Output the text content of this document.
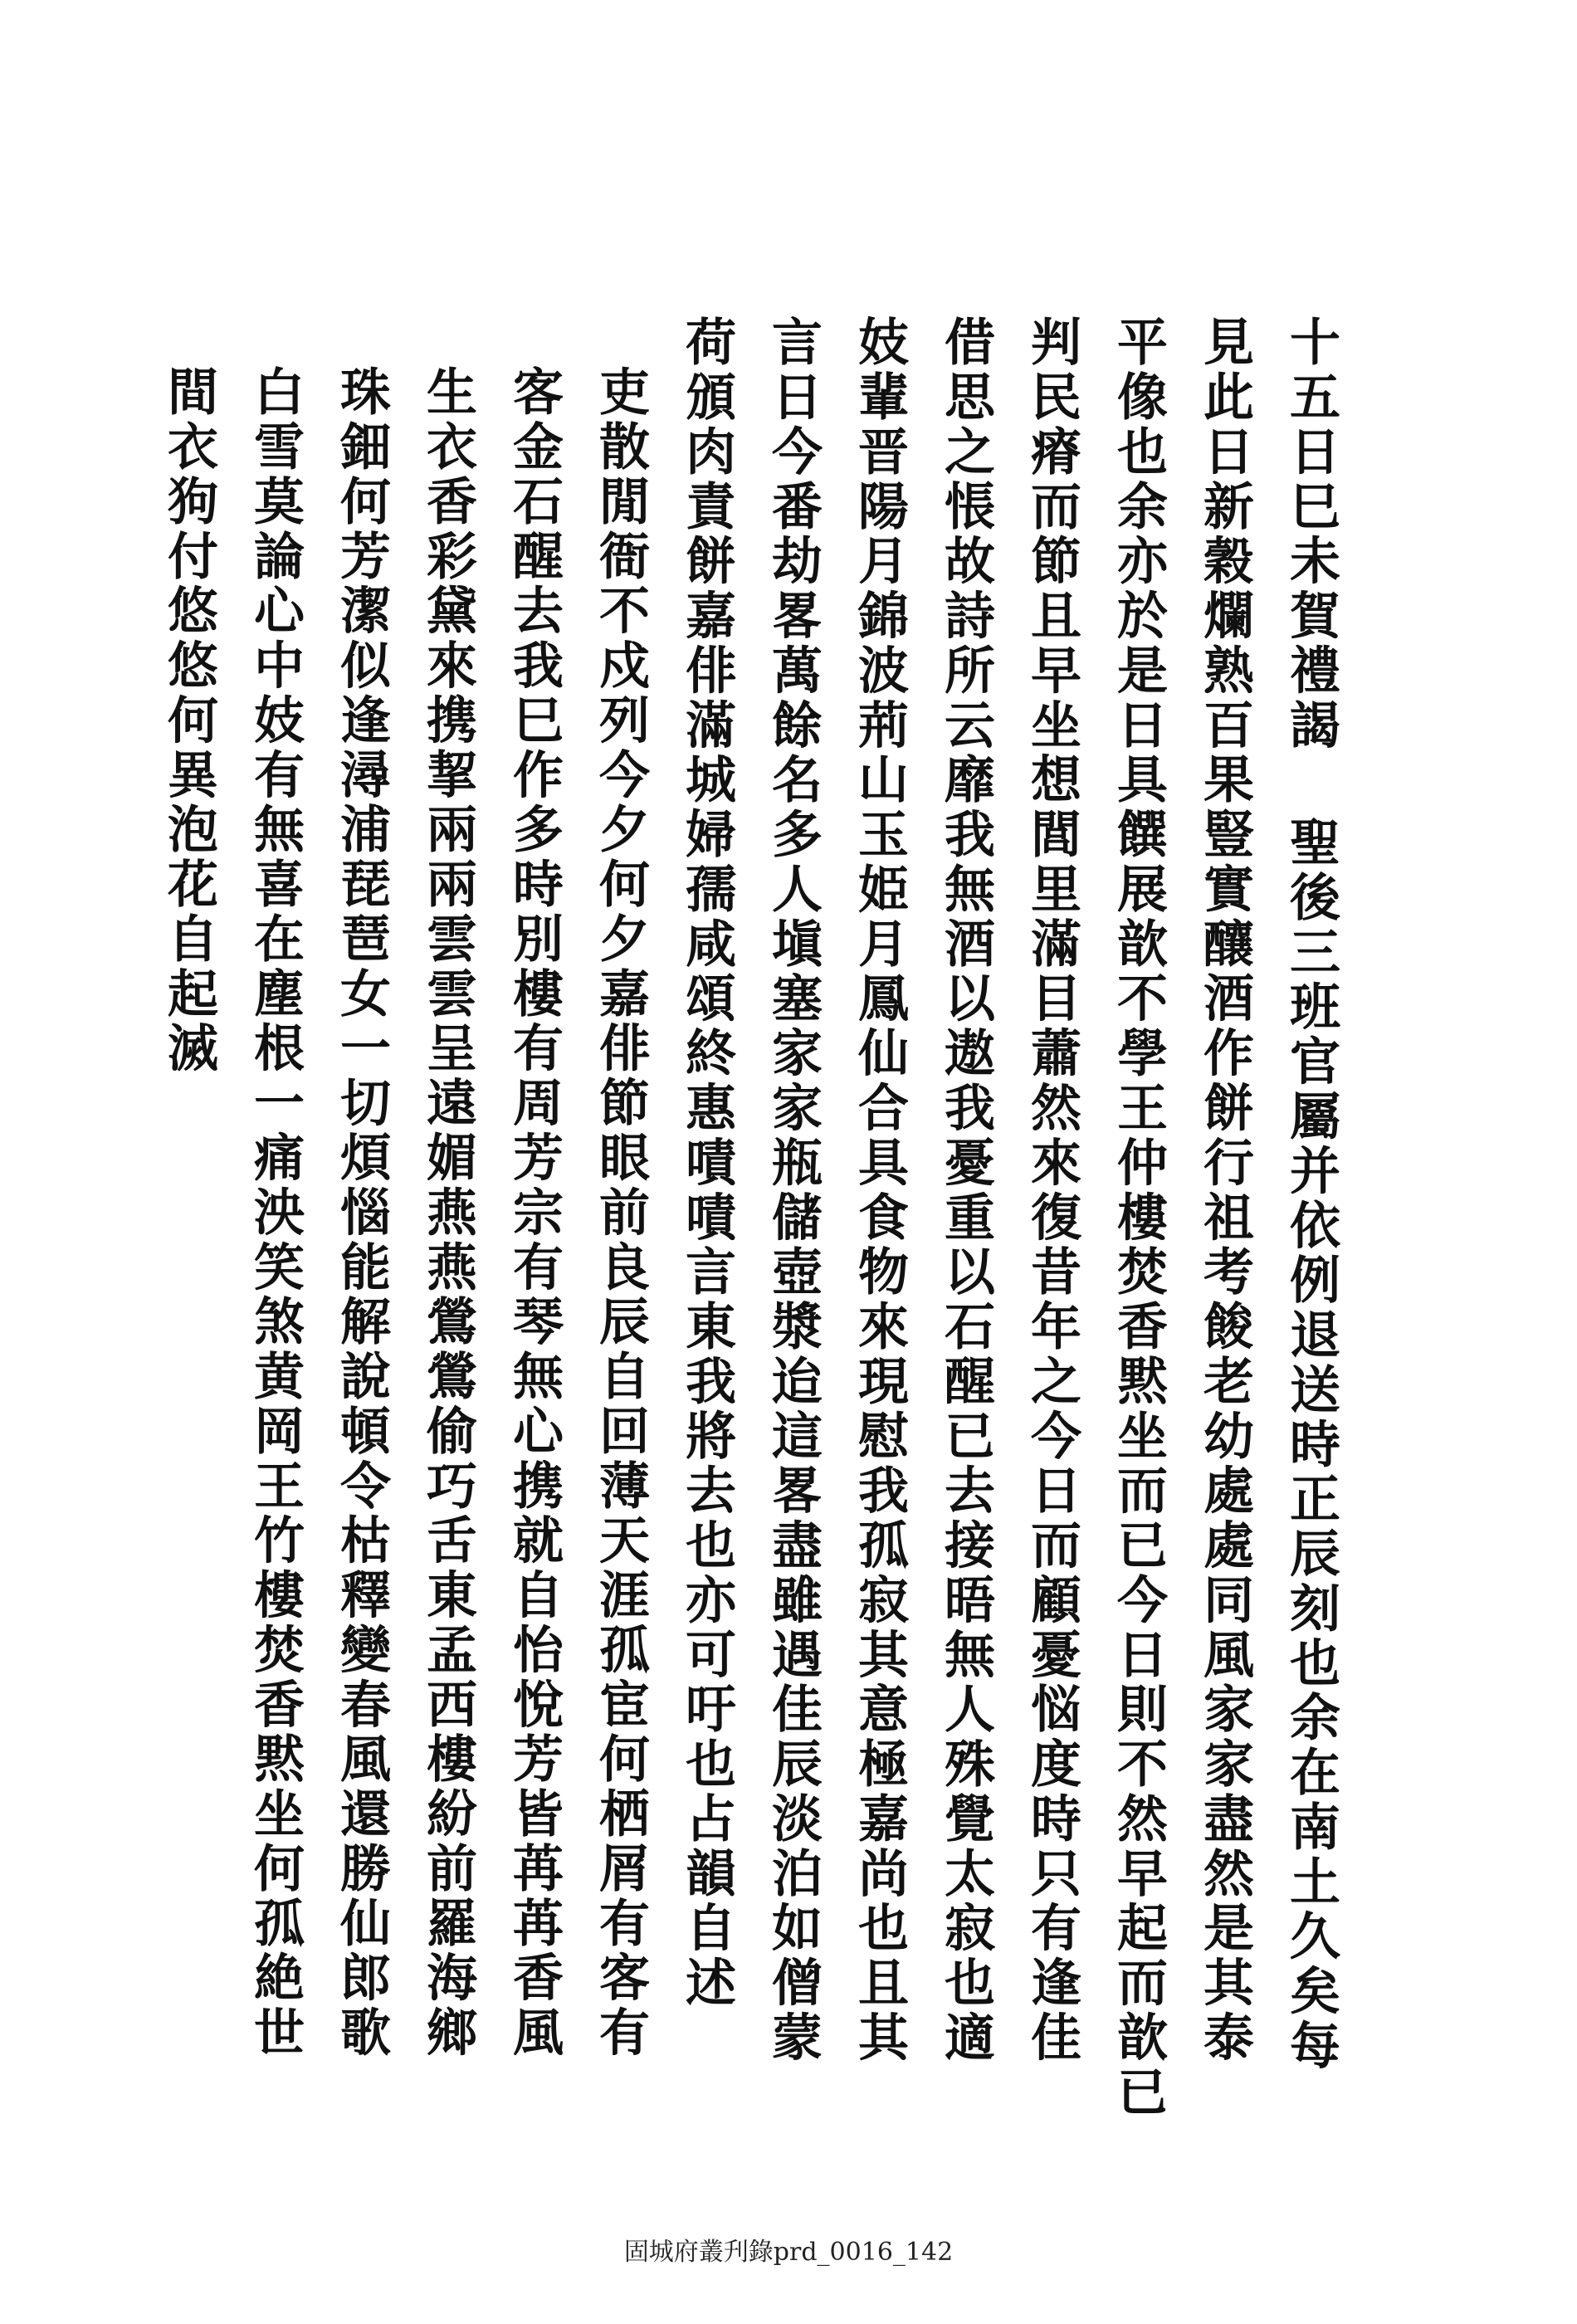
十五日巳未賀禮謁 聖後三班官屬并依例退送時正辰刻也余在南土久矣每
見此日新穀爛熟百果豎實釀酒作餅行祖考餕老幼處處同風家家盡然是其泰
平像也余亦於是日具饌展歆不學王仲樓焚香黙坐而已今日則不然早起而歆已
判民瘠而節且早坐想閭里滿目蕭然來復昔年之今日而顧憂悩度時只有逢佳
借思之悵故詩所云靡我無酒以遨我憂重以石醒已去接晤無人殊覺太寂也適
妓輩晋陽月錦波荊山玉姫月鳳仙合具食物來現慰我孤寂其意極嘉尚也且其
言日今番劫畧萬餘名多人塡塞家家瓶儲壺漿迨這畧盡雖遇佳辰淡泊如僧蒙
荷頒肉責餅嘉俳滿城婦孺咸頌終惠嘖嘖言東我將去也亦可吁也占韻自述
吏散閒衙不戍列今夕何夕嘉俳節眼前良辰自回薄天涯孤宦何栖屑有客有
客金石醒去我巳作多時別樓有周芳宗有琴無心携就自怡悅芳皆苒苒香風
生衣香彩黛來携挈兩兩雲雲呈遠媚燕燕鶯鶯偷巧舌東孟西樓紛前羅海鄉
珠鈿何芳潔似逢潯浦琵琶女一切煩惱能解說頓令枯釋變春風還勝仙郎歌
白雪莫論心中妓有無喜在塵根一痛泱笑煞黄岡王竹樓焚香黙坐何孤絶世
間衣狗付悠悠何異泡花自起滅
固城府叢刋錄prd_0016_142
